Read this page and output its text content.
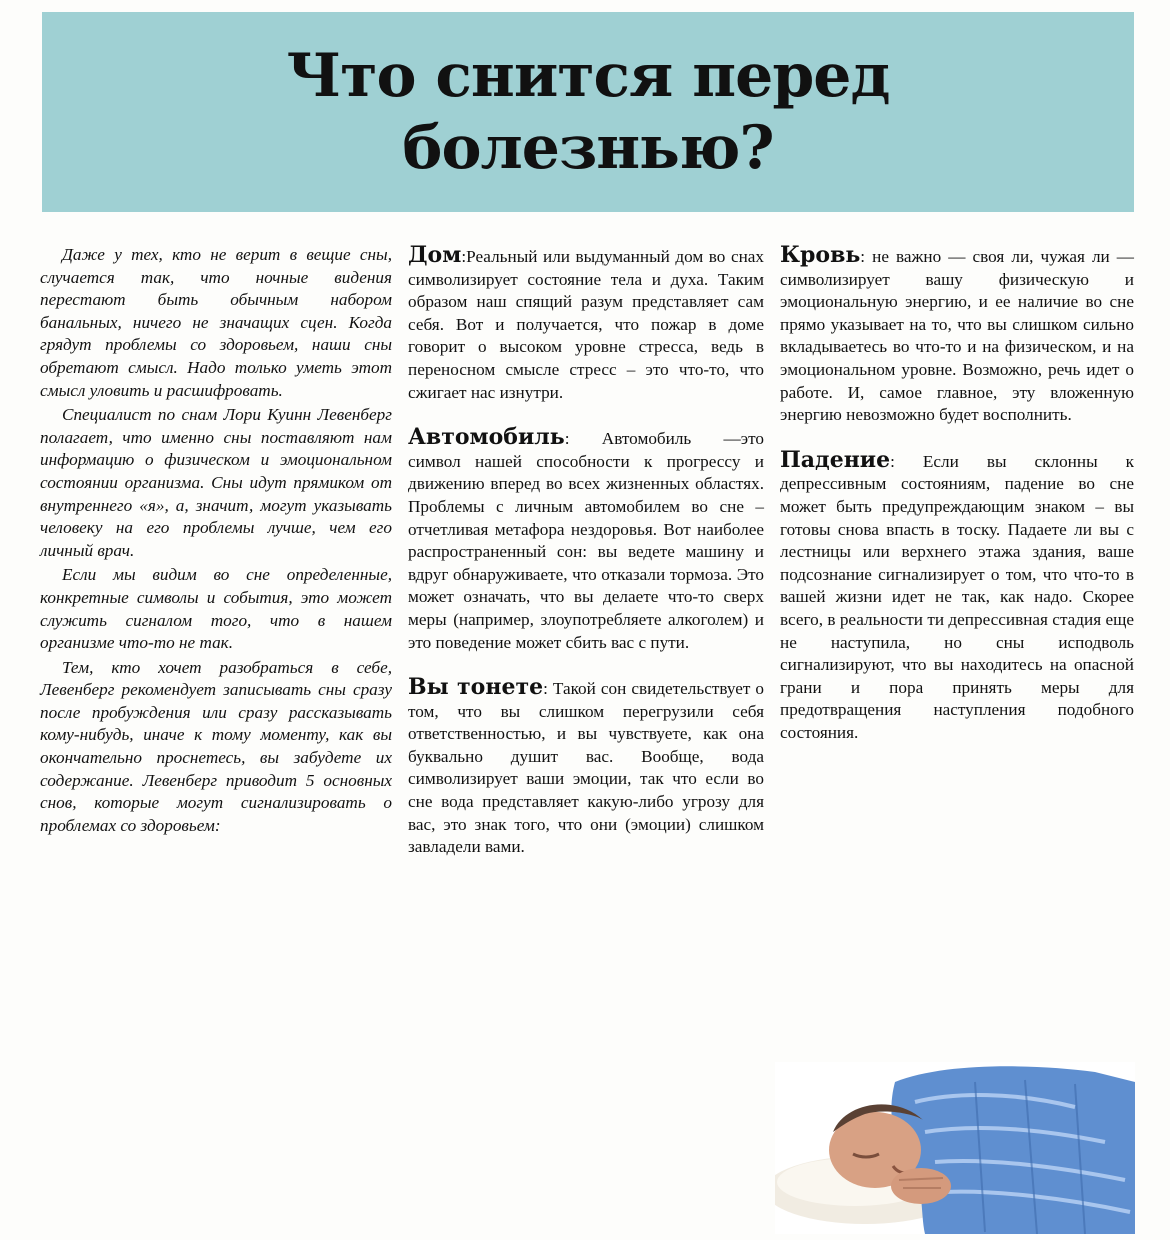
Что снится перед
болезнью?

Даже у тех, кто не верит в вещие сны, случается так, что ночные видения перестают быть обычным набором банальных, ничего не значащих сцен. Когда грядут проблемы со здоровьем, наши сны обретают смысл. Надо только уметь этот смысл уловить и расшифровать.

Специалист по снам Лори Куинн Левенберг полагает, что именно сны поставляют нам информацию о физическом и эмоциональном состоянии организма. Сны идут прямиком от внутреннего «я», а, значит, могут указывать человеку на его проблемы лучше, чем его личный врач.

Если мы видим во сне определенные, конкретные символы и события, это может служить сигналом того, что в нашем организме что-то не так.

Тем, кто хочет разобраться в себе, Левенберг рекомендует записывать сны сразу после пробуждения или сразу рассказывать кому-нибудь, иначе к тому моменту, как вы окончательно проснетесь, вы забудете их содержание. Левенберг приводит 5 основных снов, которые могут сигнализировать о проблемах со здоровьем:

Дом:Реальный или выдуманный дом во снах символизирует состояние тела и духа. Таким образом наш спящий разум представляет сам себя. Вот и получается, что пожар в доме говорит о высоком уровне стресса, ведь в переносном смысле стресс – это что-то, что сжигает нас изнутри.

Автомобиль: Автомобиль —это символ нашей способности к прогрессу и движению вперед во всех жизненных областях. Проблемы с личным автомобилем во сне –отчетливая метафора нездоровья. Вот наиболее распространенный сон: вы ведете машину и вдруг обнаруживаете, что отказали тормоза. Это может означать, что вы делаете что-то сверх меры (например, злоупотребляете алкоголем) и это поведение может сбить вас с пути.

Вы тонете: Такой сон свидетельствует о том, что вы слишком перегрузили себя ответственностью, и вы чувствуете, как она буквально душит вас. Вообще, вода символизирует ваши эмоции, так что если во сне вода представляет какую-либо угрозу для вас, это знак того, что они (эмоции) слишком завладели вами.

Кровь: не важно — своя ли, чужая ли — символизирует вашу физическую и эмоциональную энергию, и ее наличие во сне прямо указывает на то, что вы слишком сильно вкладываетесь во что-то и на физическом, и на эмоциональном уровне. Возможно, речь идет о работе. И, самое главное, эту вложенную энергию невозможно будет восполнить.

Падение: Если вы склонны к депрессивным состояниям, падение во сне может быть предупреждающим знаком – вы готовы снова впасть в тоску. Падаете ли вы с лестницы или верхнего этажа здания, ваше подсознание сигнализирует о том, что что-то в вашей жизни идет не так, как надо. Скорее всего, в реальности ти депрессивная стадия еще не наступила, но сны исподволь сигнализируют, что вы находитесь на опасной грани и пора принять меры для предотвращения наступления подобного состояния.
